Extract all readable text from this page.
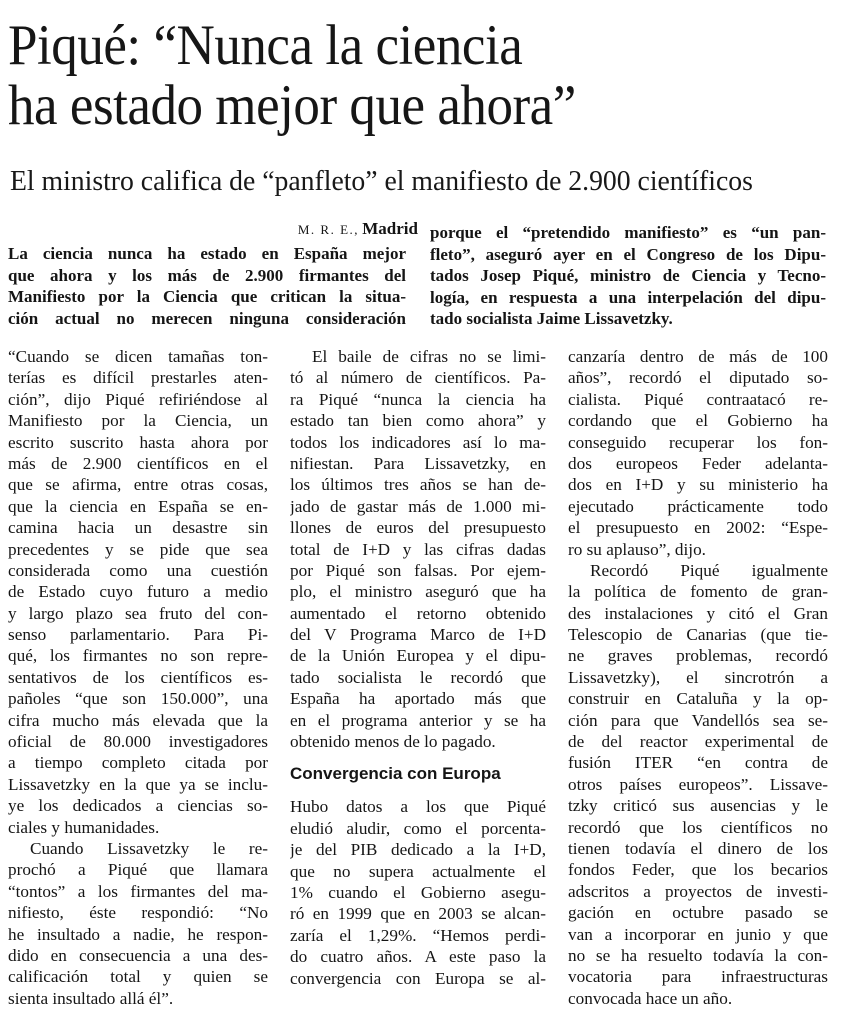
Piqué: “Nunca la ciencia
ha estado mejor que ahora”
El ministro califica de “panfleto” el manifiesto de 2.900 científicos
M. R. E., Madrid
La ciencia nunca ha estado en España mejor
que ahora y los más de 2.900 firmantes del
Manifiesto por la Ciencia que critican la situa-
ción actual no merecen ninguna consideración
porque el “pretendido manifiesto” es “un pan-
fleto”, aseguró ayer en el Congreso de los Dipu-
tados Josep Piqué, ministro de Ciencia y Tecno-
logía, en respuesta a una interpelación del dipu-
tado socialista Jaime Lissavetzky.
“Cuando se dicen tamañas ton-
terías es difícil prestarles aten-
ción”, dijo Piqué refiriéndose al
Manifiesto por la Ciencia, un
escrito suscrito hasta ahora por
más de 2.900 científicos en el
que se afirma, entre otras cosas,
que la ciencia en España se en-
camina hacia un desastre sin
precedentes y se pide que sea
considerada como una cuestión
de Estado cuyo futuro a medio
y largo plazo sea fruto del con-
senso parlamentario. Para Pi-
qué, los firmantes no son repre-
sentativos de los científicos es-
pañoles “que son 150.000”, una
cifra mucho más elevada que la
oficial de 80.000 investigadores
a tiempo completo citada por
Lissavetzky en la que ya se inclu-
ye los dedicados a ciencias so-
ciales y humanidades.
Cuando Lissavetzky le re-
prochó a Piqué que llamara
“tontos” a los firmantes del ma-
nifiesto, éste respondió: “No
he insultado a nadie, he respon-
dido en consecuencia a una des-
calificación total y quien se
sienta insultado allá él”.
El baile de cifras no se limi-
tó al número de científicos. Pa-
ra Piqué “nunca la ciencia ha
estado tan bien como ahora” y
todos los indicadores así lo ma-
nifiestan. Para Lissavetzky, en
los últimos tres años se han de-
jado de gastar más de 1.000 mi-
llones de euros del presupuesto
total de I+D y las cifras dadas
por Piqué son falsas. Por ejem-
plo, el ministro aseguró que ha
aumentado el retorno obtenido
del V Programa Marco de I+D
de la Unión Europea y el dipu-
tado socialista le recordó que
España ha aportado más que
en el programa anterior y se ha
obtenido menos de lo pagado.
Convergencia con Europa
Hubo datos a los que Piqué
eludió aludir, como el porcenta-
je del PIB dedicado a la I+D,
que no supera actualmente el
1% cuando el Gobierno asegu-
ró en 1999 que en 2003 se alcan-
zaría el 1,29%. “Hemos perdi-
do cuatro años. A este paso la
convergencia con Europa se al-
canzaría dentro de más de 100
años”, recordó el diputado so-
cialista. Piqué contraatacó re-
cordando que el Gobierno ha
conseguido recuperar los fon-
dos europeos Feder adelanta-
dos en I+D y su ministerio ha
ejecutado prácticamente todo
el presupuesto en 2002: “Espe-
ro su aplauso”, dijo.
Recordó Piqué igualmente
la política de fomento de gran-
des instalaciones y citó el Gran
Telescopio de Canarias (que tie-
ne graves problemas, recordó
Lissavetzky), el sincrotrón a
construir en Cataluña y la op-
ción para que Vandellós sea se-
de del reactor experimental de
fusión ITER “en contra de
otros países europeos”. Lissave-
tzky criticó sus ausencias y le
recordó que los científicos no
tienen todavía el dinero de los
fondos Feder, que los becarios
adscritos a proyectos de investi-
gación en octubre pasado se
van a incorporar en junio y que
no se ha resuelto todavía la con-
vocatoria para infraestructuras
convocada hace un año.
